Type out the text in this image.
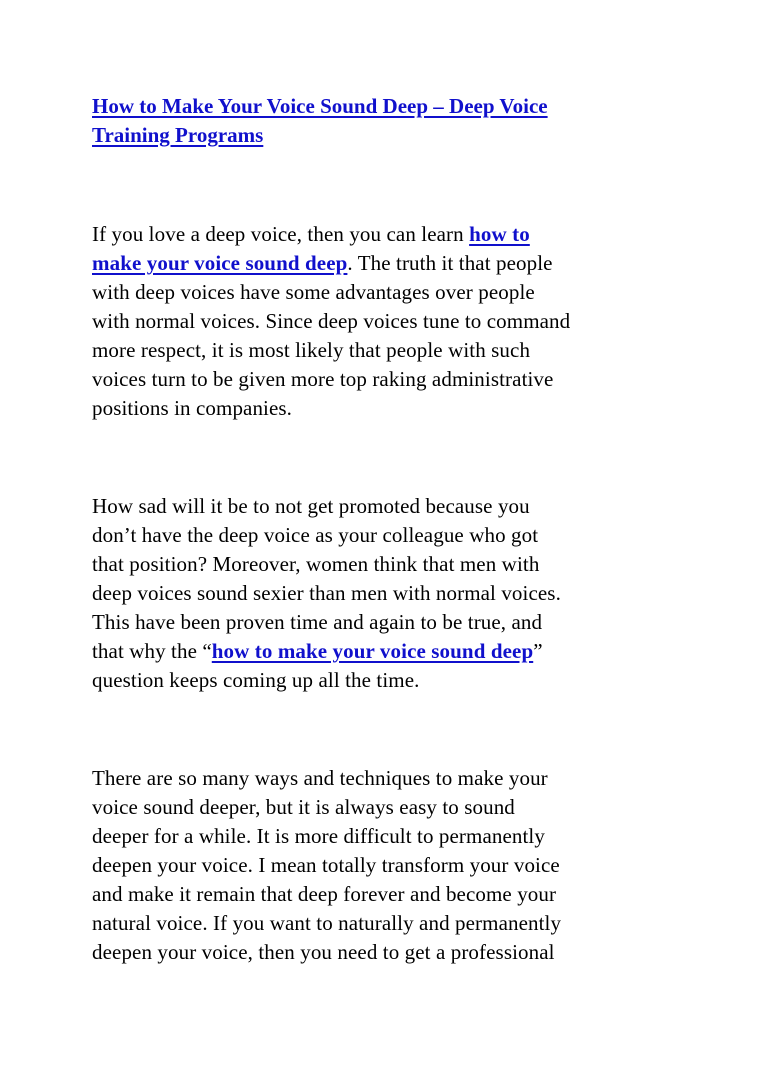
How to Make Your Voice Sound Deep – Deep Voice
Training Programs

If you love a deep voice, then you can learn how to
make your voice sound deep. The truth it that people
with deep voices have some advantages over people
with normal voices. Since deep voices tune to command
more respect, it is most likely that people with such
voices turn to be given more top raking administrative
positions in companies.

How sad will it be to not get promoted because you
don’t have the deep voice as your colleague who got
that position? Moreover, women think that men with
deep voices sound sexier than men with normal voices.
This have been proven time and again to be true, and
that why the “how to make your voice sound deep”
question keeps coming up all the time.

There are so many ways and techniques to make your
voice sound deeper, but it is always easy to sound
deeper for a while. It is more difficult to permanently
deepen your voice. I mean totally transform your voice
and make it remain that deep forever and become your
natural voice. If you want to naturally and permanently
deepen your voice, then you need to get a professional
